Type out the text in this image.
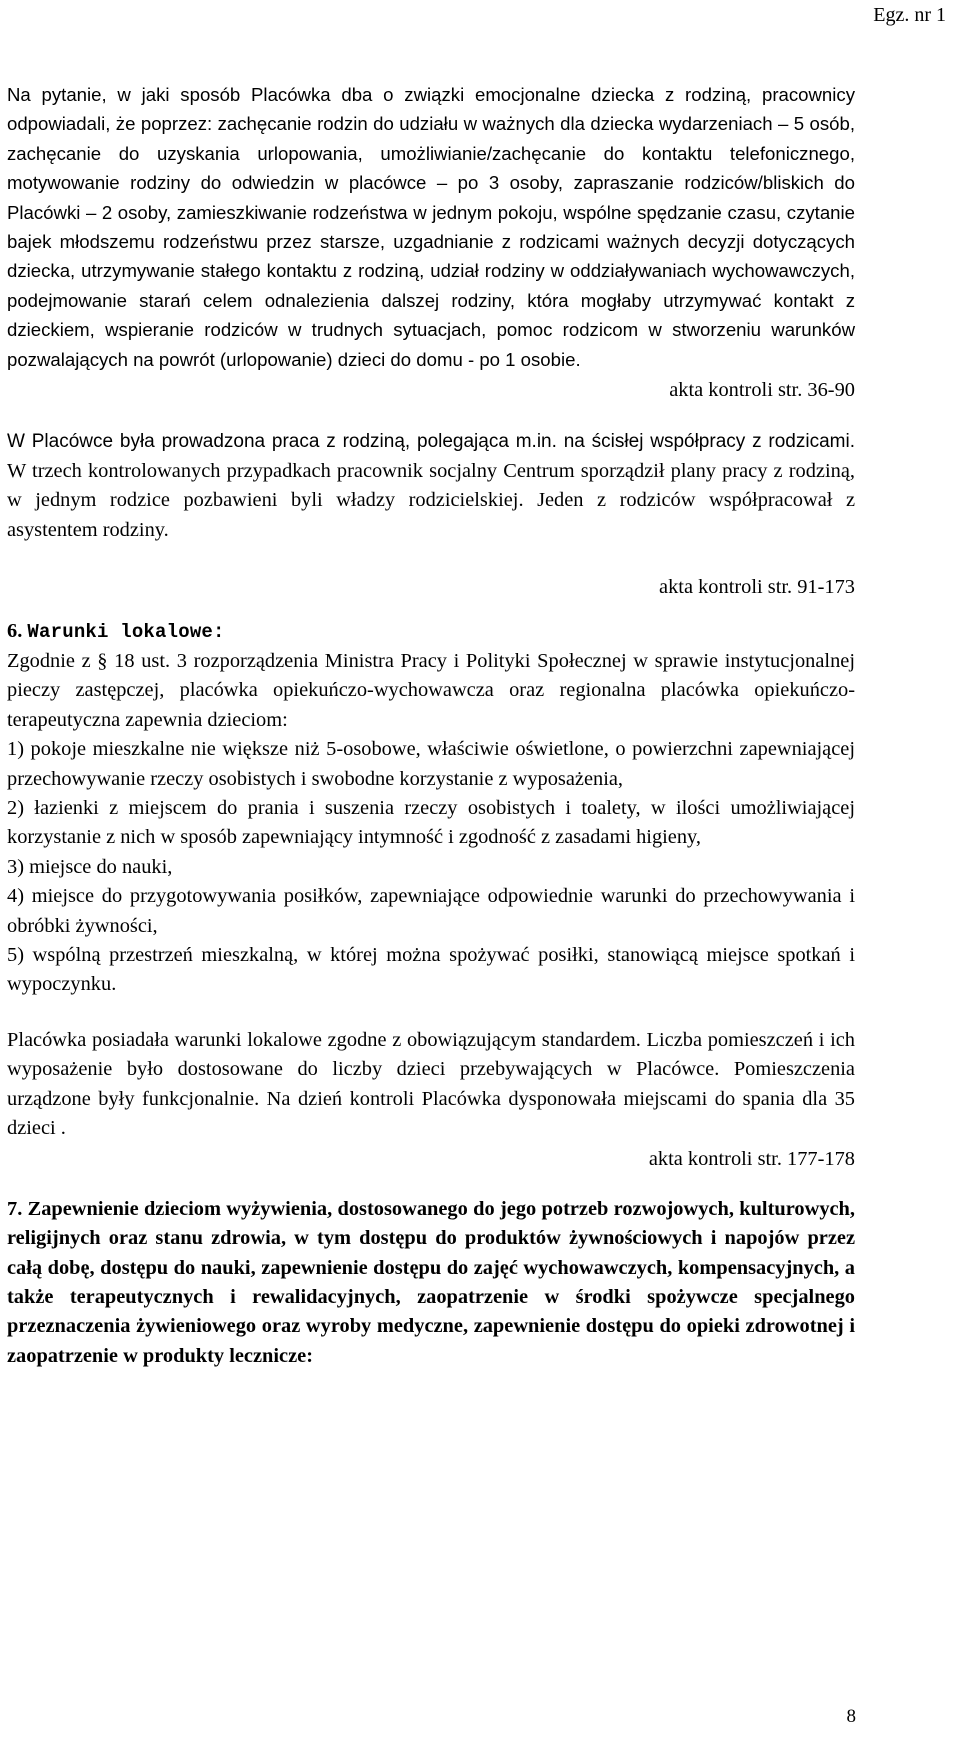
Egz. nr 1

Na pytanie, w jaki sposób Placówka dba o związki emocjonalne dziecka z rodziną, pracownicy odpowiadali, że poprzez: zachęcanie rodzin do udziału w ważnych dla dziecka wydarzeniach – 5 osób, zachęcanie do uzyskania urlopowania, umożliwianie/zachęcanie do kontaktu telefonicznego, motywowanie rodziny do odwiedzin w placówce – po 3 osoby, zapraszanie rodziców/bliskich do Placówki – 2 osoby, zamieszkiwanie rodzeństwa w jednym pokoju, wspólne spędzanie czasu, czytanie bajek młodszemu rodzeństwu przez starsze, uzgadnianie z rodzicami ważnych decyzji dotyczących dziecka, utrzymywanie stałego kontaktu z rodziną, udział rodziny w oddziaływaniach wychowawczych, podejmowanie starań celem odnalezienia dalszej rodziny, która mogłaby utrzymywać kontakt z dzieckiem, wspieranie rodziców w trudnych sytuacjach, pomoc rodzicom w stworzeniu warunków pozwalających na powrót (urlopowanie) dzieci do domu - po 1 osobie.

akta kontroli str. 36-90

W Placówce była prowadzona praca z rodziną, polegająca m.in. na ścisłej współpracy z rodzicami. W trzech kontrolowanych przypadkach pracownik socjalny Centrum sporządził plany pracy z rodziną, w jednym rodzice pozbawieni byli władzy rodzicielskiej. Jeden z rodziców współpracował z asystentem rodziny.

akta kontroli str. 91-173

6. Warunki lokalowe:

Zgodnie z § 18 ust. 3 rozporządzenia Ministra Pracy i Polityki Społecznej w sprawie instytucjonalnej pieczy zastępczej, placówka opiekuńczo-wychowawcza oraz regionalna placówka opiekuńczo-terapeutyczna zapewnia dzieciom:

1) pokoje mieszkalne nie większe niż 5-osobowe, właściwie oświetlone, o powierzchni zapewniającej przechowywanie rzeczy osobistych i swobodne korzystanie z wyposażenia,

2) łazienki z miejscem do prania i suszenia rzeczy osobistych i toalety, w ilości umożliwiającej korzystanie z nich w sposób zapewniający intymność i zgodność z zasadami higieny,

3) miejsce do nauki,

4) miejsce do przygotowywania posiłków, zapewniające odpowiednie warunki do przechowywania i obróbki żywności,

5) wspólną przestrzeń mieszkalną, w której można spożywać posiłki, stanowiącą miejsce spotkań i wypoczynku.

Placówka posiadała warunki lokalowe zgodne z obowiązującym standardem. Liczba pomieszczeń i ich wyposażenie było dostosowane do liczby dzieci przebywających w Placówce. Pomieszczenia urządzone były funkcjonalnie. Na dzień kontroli Placówka dysponowała miejscami do spania dla 35 dzieci .

akta kontroli str. 177-178

7. Zapewnienie dzieciom wyżywienia, dostosowanego do jego potrzeb rozwojowych, kulturowych, religijnych oraz stanu zdrowia, w tym dostępu do produktów żywnościowych i napojów przez całą dobę, dostępu do nauki, zapewnienie dostępu do zajęć wychowawczych, kompensacyjnych, a także terapeutycznych i rewalidacyjnych, zaopatrzenie w środki spożywcze specjalnego przeznaczenia żywieniowego oraz wyroby medyczne, zapewnienie dostępu do opieki zdrowotnej i zaopatrzenie w produkty lecznicze:

8
